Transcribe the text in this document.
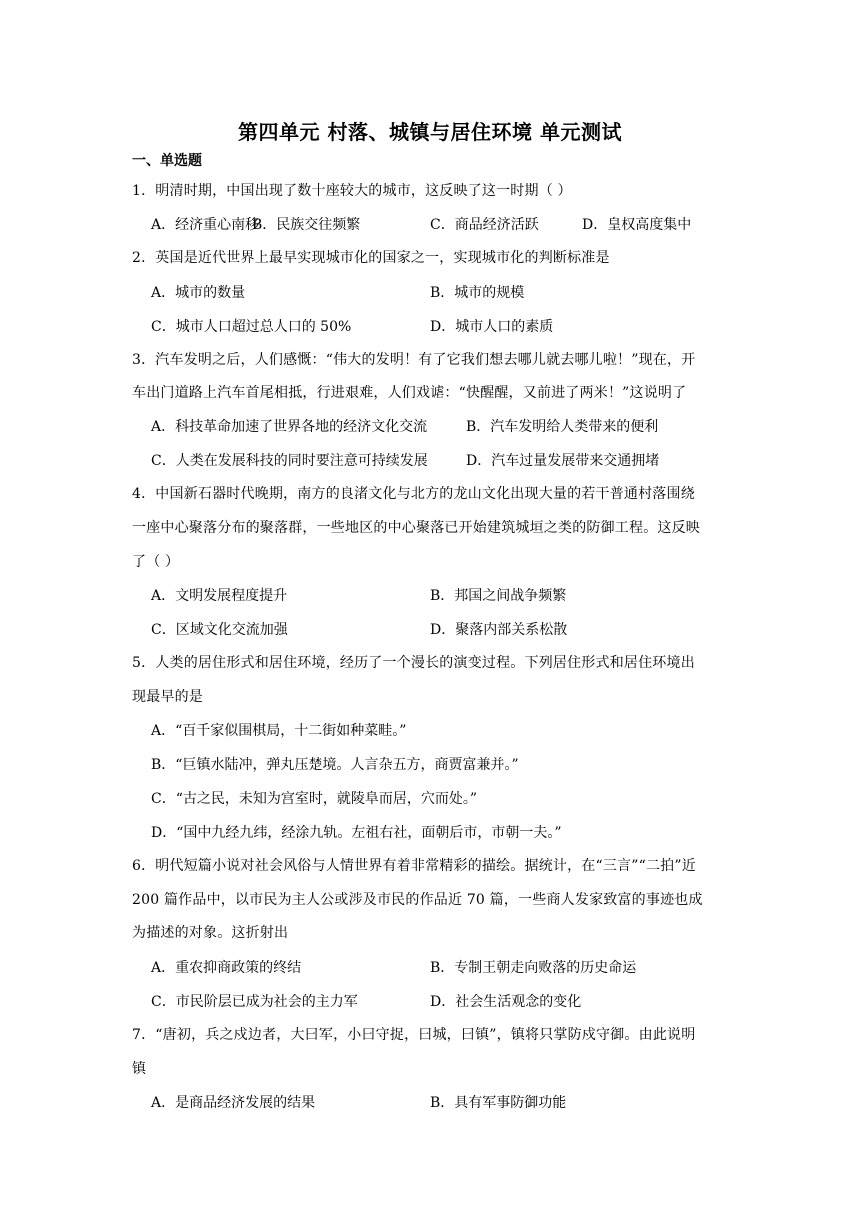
第四单元 村落、城镇与居住环境 单元测试
一、单选题
1．明清时期，中国出现了数十座较大的城市，这反映了这一时期（ ）
A．经济重心南移
B．民族交往频繁	C．商品经济活跃	D．皇权高度集中
2．英国是近代世界上最早实现城市化的国家之一，实现城市化的判断标准是
A．城市的数量	B．城市的规模
C．城市人口超过总人口的 50%	D．城市人口的素质
3．汽车发明之后，人们感慨：“伟大的发明！有了它我们想去哪儿就去哪儿啦！”现在，开
车出门道路上汽车首尾相抵，行进艰难，人们戏谑：“快醒醒，又前进了两米！”这说明了
A．科技革命加速了世界各地的经济文化交流	B．汽车发明给人类带来的便利
C．人类在发展科技的同时要注意可持续发展	D．汽车过量发展带来交通拥堵
4．中国新石器时代晚期，南方的良渚文化与北方的龙山文化出现大量的若干普通村落围绕
一座中心聚落分布的聚落群，一些地区的中心聚落已开始建筑城垣之类的防御工程。这反映
了（ ）
A．文明发展程度提升	B．邦国之间战争频繁
C．区域文化交流加强	D．聚落内部关系松散
5．人类的居住形式和居住环境，经历了一个漫长的演变过程。下列居住形式和居住环境出
现最早的是
A．“百千家似围棋局，十二街如种菜畦。”
B．“巨镇水陆冲，弹丸压楚境。人言杂五方，商贾富兼并。”
C．“古之民，未知为宫室时，就陵阜而居，穴而处。”
D．“国中九经九纬，经涂九轨。左祖右社，面朝后市，市朝一夫。”
6．明代短篇小说对社会风俗与人情世界有着非常精彩的描绘。据统计，在“三言”“二拍”近
200 篇作品中，以市民为主人公或涉及市民的作品近 70 篇，一些商人发家致富的事迹也成
为描述的对象。这折射出
A．重农抑商政策的终结	B．专制王朝走向败落的历史命运
C．市民阶层已成为社会的主力军	D．社会生活观念的变化
7．“唐初，兵之戍边者，大曰军，小曰守捉，曰城，曰镇”，镇将只掌防戍守御。由此说明
镇
A．是商品经济发展的结果	B．具有军事防御功能
